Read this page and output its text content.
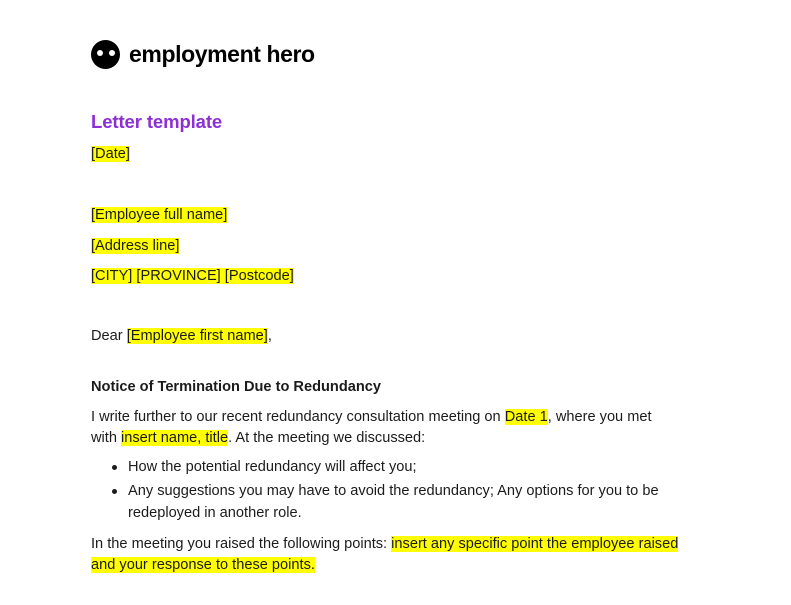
employment hero
Letter template

[Date]

[Employee full name]

[Address line]

[CITY] [PROVINCE] [Postcode]

Dear [Employee first name],

Notice of Termination Due to Redundancy

I write further to our recent redundancy consultation meeting on Date 1, where you met with insert name, title. At the meeting we discussed:

How the potential redundancy will affect you;
Any suggestions you may have to avoid the redundancy; Any options for you to be redeployed in another role.

In the meeting you raised the following points: insert any specific point the employee raised and your response to these points.
